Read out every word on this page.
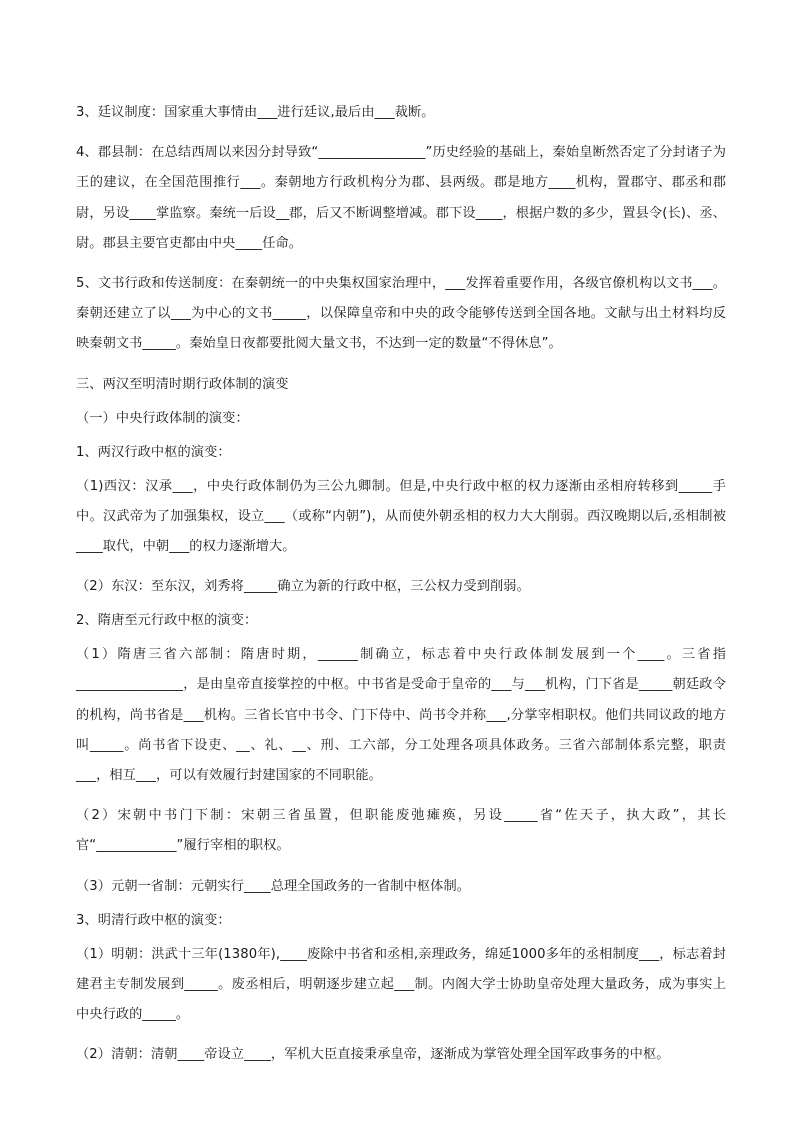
3、廷议制度：国家重大事情由___进行廷议,最后由___裁断。

4、郡县制：在总结西周以来因分封导致“________________”历史经验的基础上，秦始皇断然否定了分封诸子为王的建议，在全国范围推行___。秦朝地方行政机构分为郡、县两级。郡是地方____机构，置郡守、郡丞和郡尉，另设____掌监察。秦统一后设__郡，后又不断调整增减。郡下设____，根据户数的多少，置县令(长)、丞、尉。郡县主要官吏都由中央____任命。

5、文书行政和传送制度：在秦朝统一的中央集权国家治理中，___发挥着重要作用，各级官僚机构以文书___。秦朝还建立了以___为中心的文书_____，以保障皇帝和中央的政令能够传送到全国各地。文献与出土材料均反映秦朝文书_____。秦始皇日夜都要批阅大量文书，不达到一定的数量“不得休息”。

三、两汉至明清时期行政体制的演变

（一）中央行政体制的演变：

1、两汉行政中枢的演变：

（1)西汉：汉承___，中央行政体制仍为三公九卿制。但是,中央行政中枢的权力逐渐由丞相府转移到_____手中。汉武帝为了加强集权，设立___（或称“内朝”)，从而使外朝丞相的权力大大削弱。西汉晚期以后,丞相制被____取代，中朝___的权力逐渐增大。

（2）东汉：至东汉，刘秀将_____确立为新的行政中枢，三公权力受到削弱。

2、隋唐至元行政中枢的演变：

（1）隋唐三省六部制：隋唐时期，______制确立，标志着中央行政体制发展到一个____。三省指________________，是由皇帝直接掌控的中枢。中书省是受命于皇帝的___与___机构，门下省是_____朝廷政令的机构，尚书省是___机构。三省长官中书令、门下侍中、尚书令并称___,分掌宰相职权。他们共同议政的地方叫_____。尚书省下设吏、__、礼、__、刑、工六部，分工处理各项具体政务。三省六部制体系完整，职责___，相互___，可以有效履行封建国家的不同职能。

（2）宋朝中书门下制：宋朝三省虽置，但职能废弛瘫痪，另设_____省“佐天子，执大政”，其长官“____________”履行宰相的职权。

（3）元朝一省制：元朝实行____总理全国政务的一省制中枢体制。

3、明清行政中枢的演变：

（1）明朝：洪武十三年(1380年),____废除中书省和丞相,亲理政务，绵延1000多年的丞相制度___，标志着封建君主专制发展到_____。废丞相后，明朝逐步建立起___制。内阁大学士协助皇帝处理大量政务，成为事实上中央行政的_____。

（2）清朝：清朝____帝设立____，军机大臣直接秉承皇帝，逐渐成为掌管处理全国军政事务的中枢。
